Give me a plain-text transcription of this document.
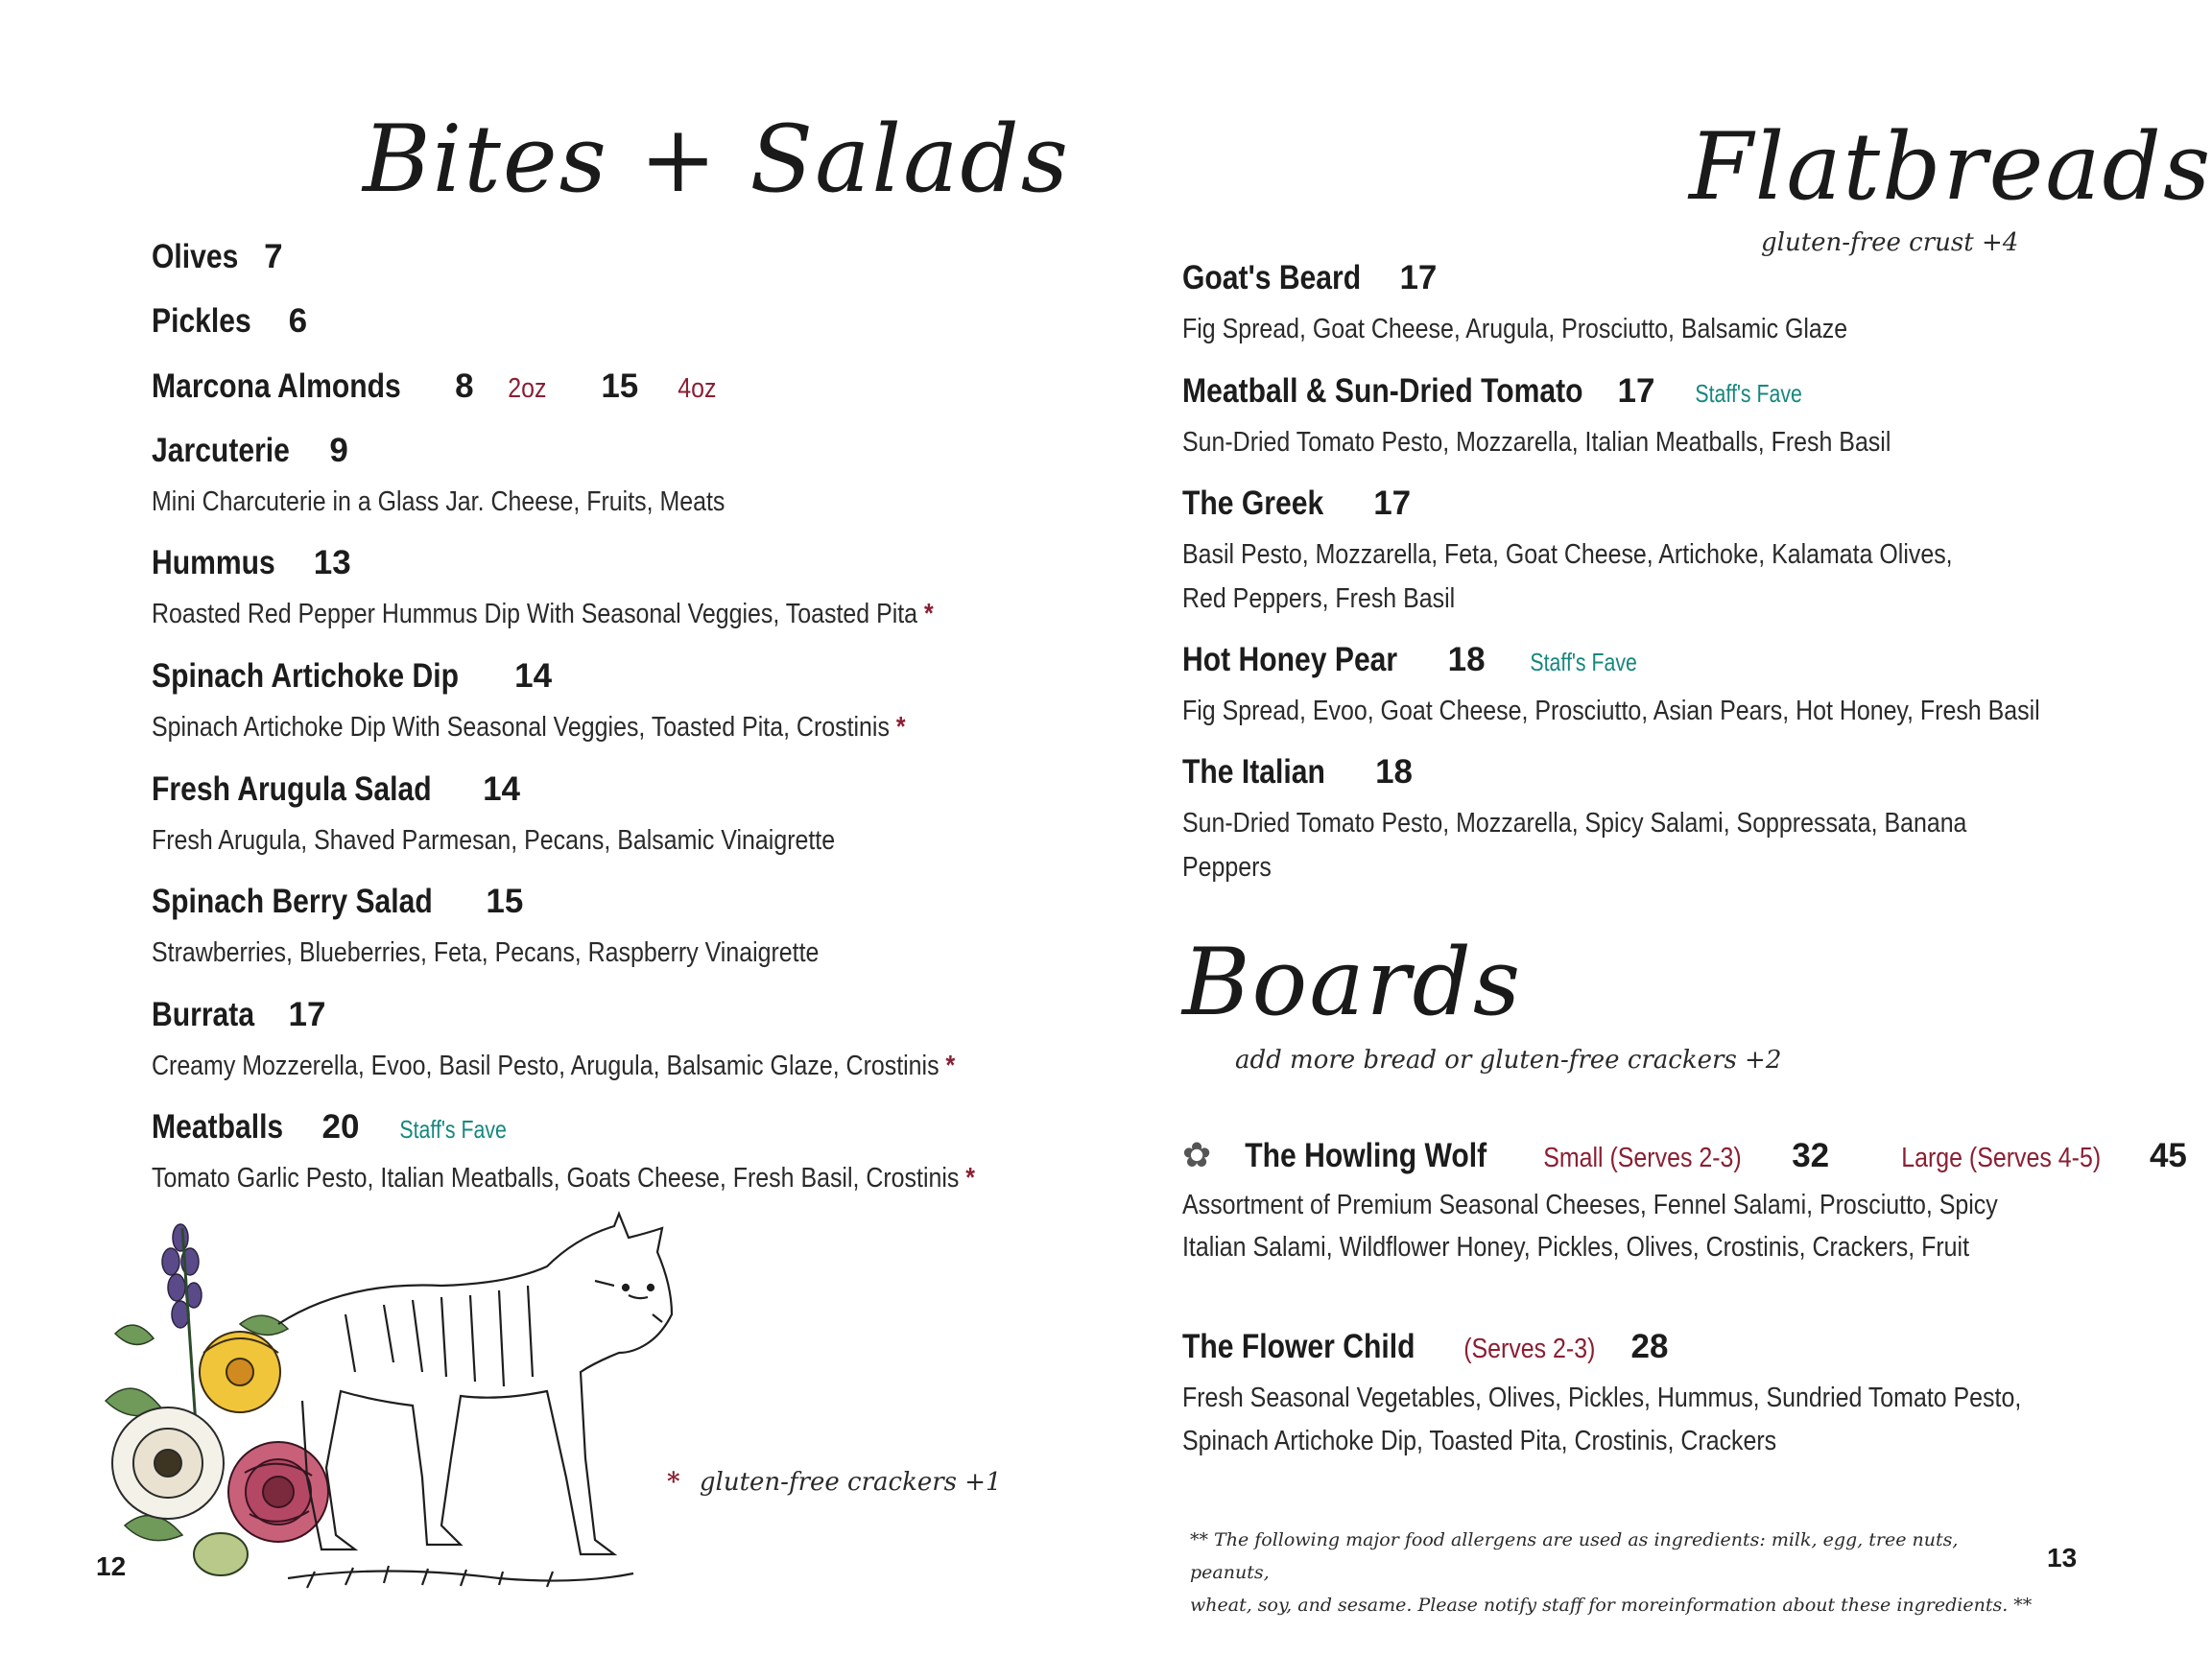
Bites + Salads
Olives 7
Pickles	6
Marcona Almonds	8	2oz	15	4oz
Jarcuterie	9
Mini Charcuterie in a Glass Jar. Cheese, Fruits, Meats
Hummus	13
Roasted Red Pepper Hummus Dip With Seasonal Veggies, Toasted Pita *
Spinach Artichoke Dip	14
Spinach Artichoke Dip With Seasonal Veggies, Toasted Pita, Crostinis *
Fresh Arugula Salad	14
Fresh Arugula, Shaved Parmesan, Pecans, Balsamic Vinaigrette
Spinach Berry Salad	15
Strawberries, Blueberries, Feta, Pecans, Raspberry Vinaigrette
Burrata	17
Creamy Mozzerella, Evoo, Basil Pesto, Arugula, Balsamic Glaze, Crostinis *
Meatballs	20	Staff's Fave
Tomato Garlic Pesto, Italian Meatballs, Goats Cheese, Fresh Basil, Crostinis *
* gluten-free crackers +1
12
Flatbreads
gluten-free crust +4
Goat's Beard	17
Fig Spread, Goat Cheese, Arugula, Prosciutto, Balsamic Glaze
Meatball & Sun-Dried Tomato	17	Staff's Fave
Sun-Dried Tomato Pesto, Mozzarella, Italian Meatballs, Fresh Basil
The Greek	17
Basil Pesto, Mozzarella, Feta, Goat Cheese, Artichoke, Kalamata Olives,
Red Peppers, Fresh Basil
Hot Honey Pear	18	Staff's Fave
Fig Spread, Evoo, Goat Cheese, Prosciutto, Asian Pears, Hot Honey, Fresh Basil
The Italian	18
Sun-Dried Tomato Pesto, Mozzarella, Spicy Salami, Soppressata, Banana
Peppers
Boards
add more bread or gluten-free crackers +2
✿	The Howling Wolf	Small (Serves 2-3)	32	Large (Serves 4-5)	45
Assortment of Premium Seasonal Cheeses, Fennel Salami, Prosciutto, Spicy
Italian Salami, Wildflower Honey, Pickles, Olives, Crostinis, Crackers, Fruit
The Flower Child	(Serves 2-3)	28
Fresh Seasonal Vegetables, Olives, Pickles, Hummus, Sundried Tomato Pesto,
Spinach Artichoke Dip, Toasted Pita, Crostinis, Crackers
** The following major food allergens are used as ingredients: milk, egg, tree nuts, peanuts,
wheat, soy, and sesame. Please notify staff for moreinformation about these ingredients. **
13
